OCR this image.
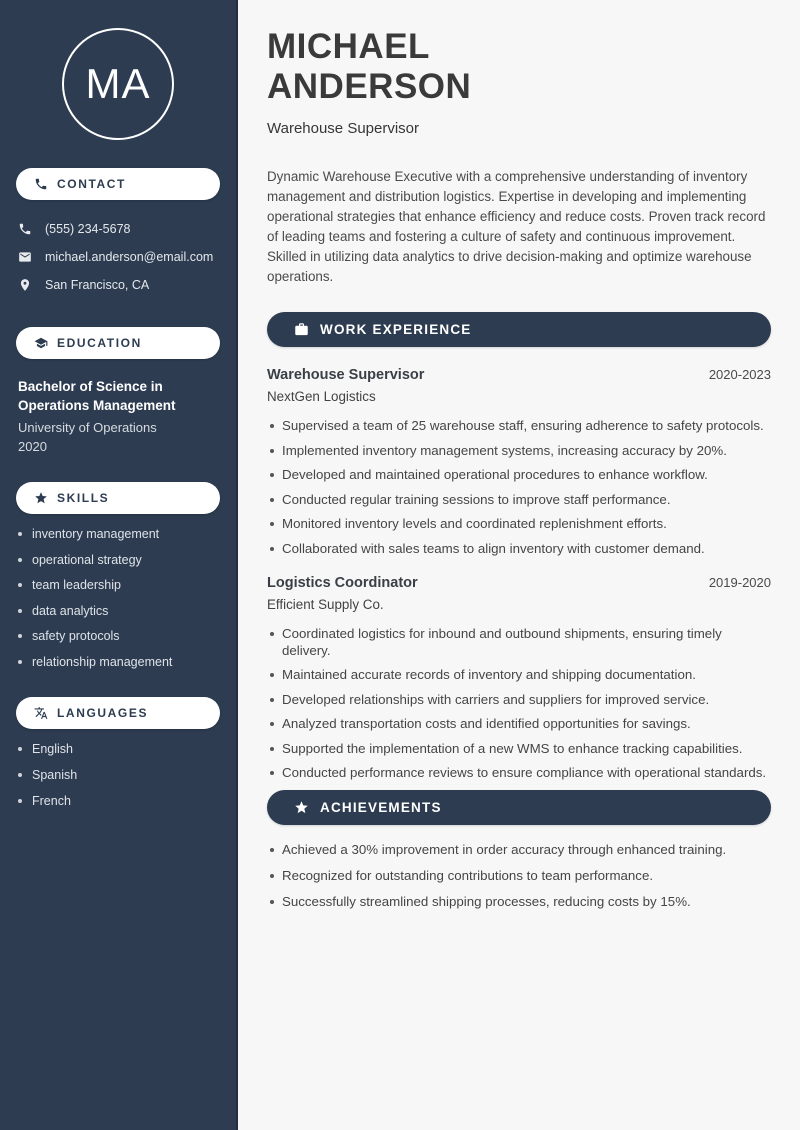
MA
CONTACT
(555) 234-5678
michael.anderson@email.com
San Francisco, CA
EDUCATION
Bachelor of Science in Operations Management
University of Operations
2020
SKILLS
inventory management
operational strategy
team leadership
data analytics
safety protocols
relationship management
LANGUAGES
English
Spanish
French
MICHAEL
ANDERSON
Warehouse Supervisor

Dynamic Warehouse Executive with a comprehensive understanding of inventory management and distribution logistics. Expertise in developing and implementing operational strategies that enhance efficiency and reduce costs. Proven track record of leading teams and fostering a culture of safety and continuous improvement. Skilled in utilizing data analytics to drive decision-making and optimize warehouse operations.

WORK EXPERIENCE
Warehouse Supervisor	2020-2023
NextGen Logistics
Supervised a team of 25 warehouse staff, ensuring adherence to safety protocols.
Implemented inventory management systems, increasing accuracy by 20%.
Developed and maintained operational procedures to enhance workflow.
Conducted regular training sessions to improve staff performance.
Monitored inventory levels and coordinated replenishment efforts.
Collaborated with sales teams to align inventory with customer demand.
Logistics Coordinator	2019-2020
Efficient Supply Co.
Coordinated logistics for inbound and outbound shipments, ensuring timely delivery.
Maintained accurate records of inventory and shipping documentation.
Developed relationships with carriers and suppliers for improved service.
Analyzed transportation costs and identified opportunities for savings.
Supported the implementation of a new WMS to enhance tracking capabilities.
Conducted performance reviews to ensure compliance with operational standards.
ACHIEVEMENTS
Achieved a 30% improvement in order accuracy through enhanced training.
Recognized for outstanding contributions to team performance.
Successfully streamlined shipping processes, reducing costs by 15%.
